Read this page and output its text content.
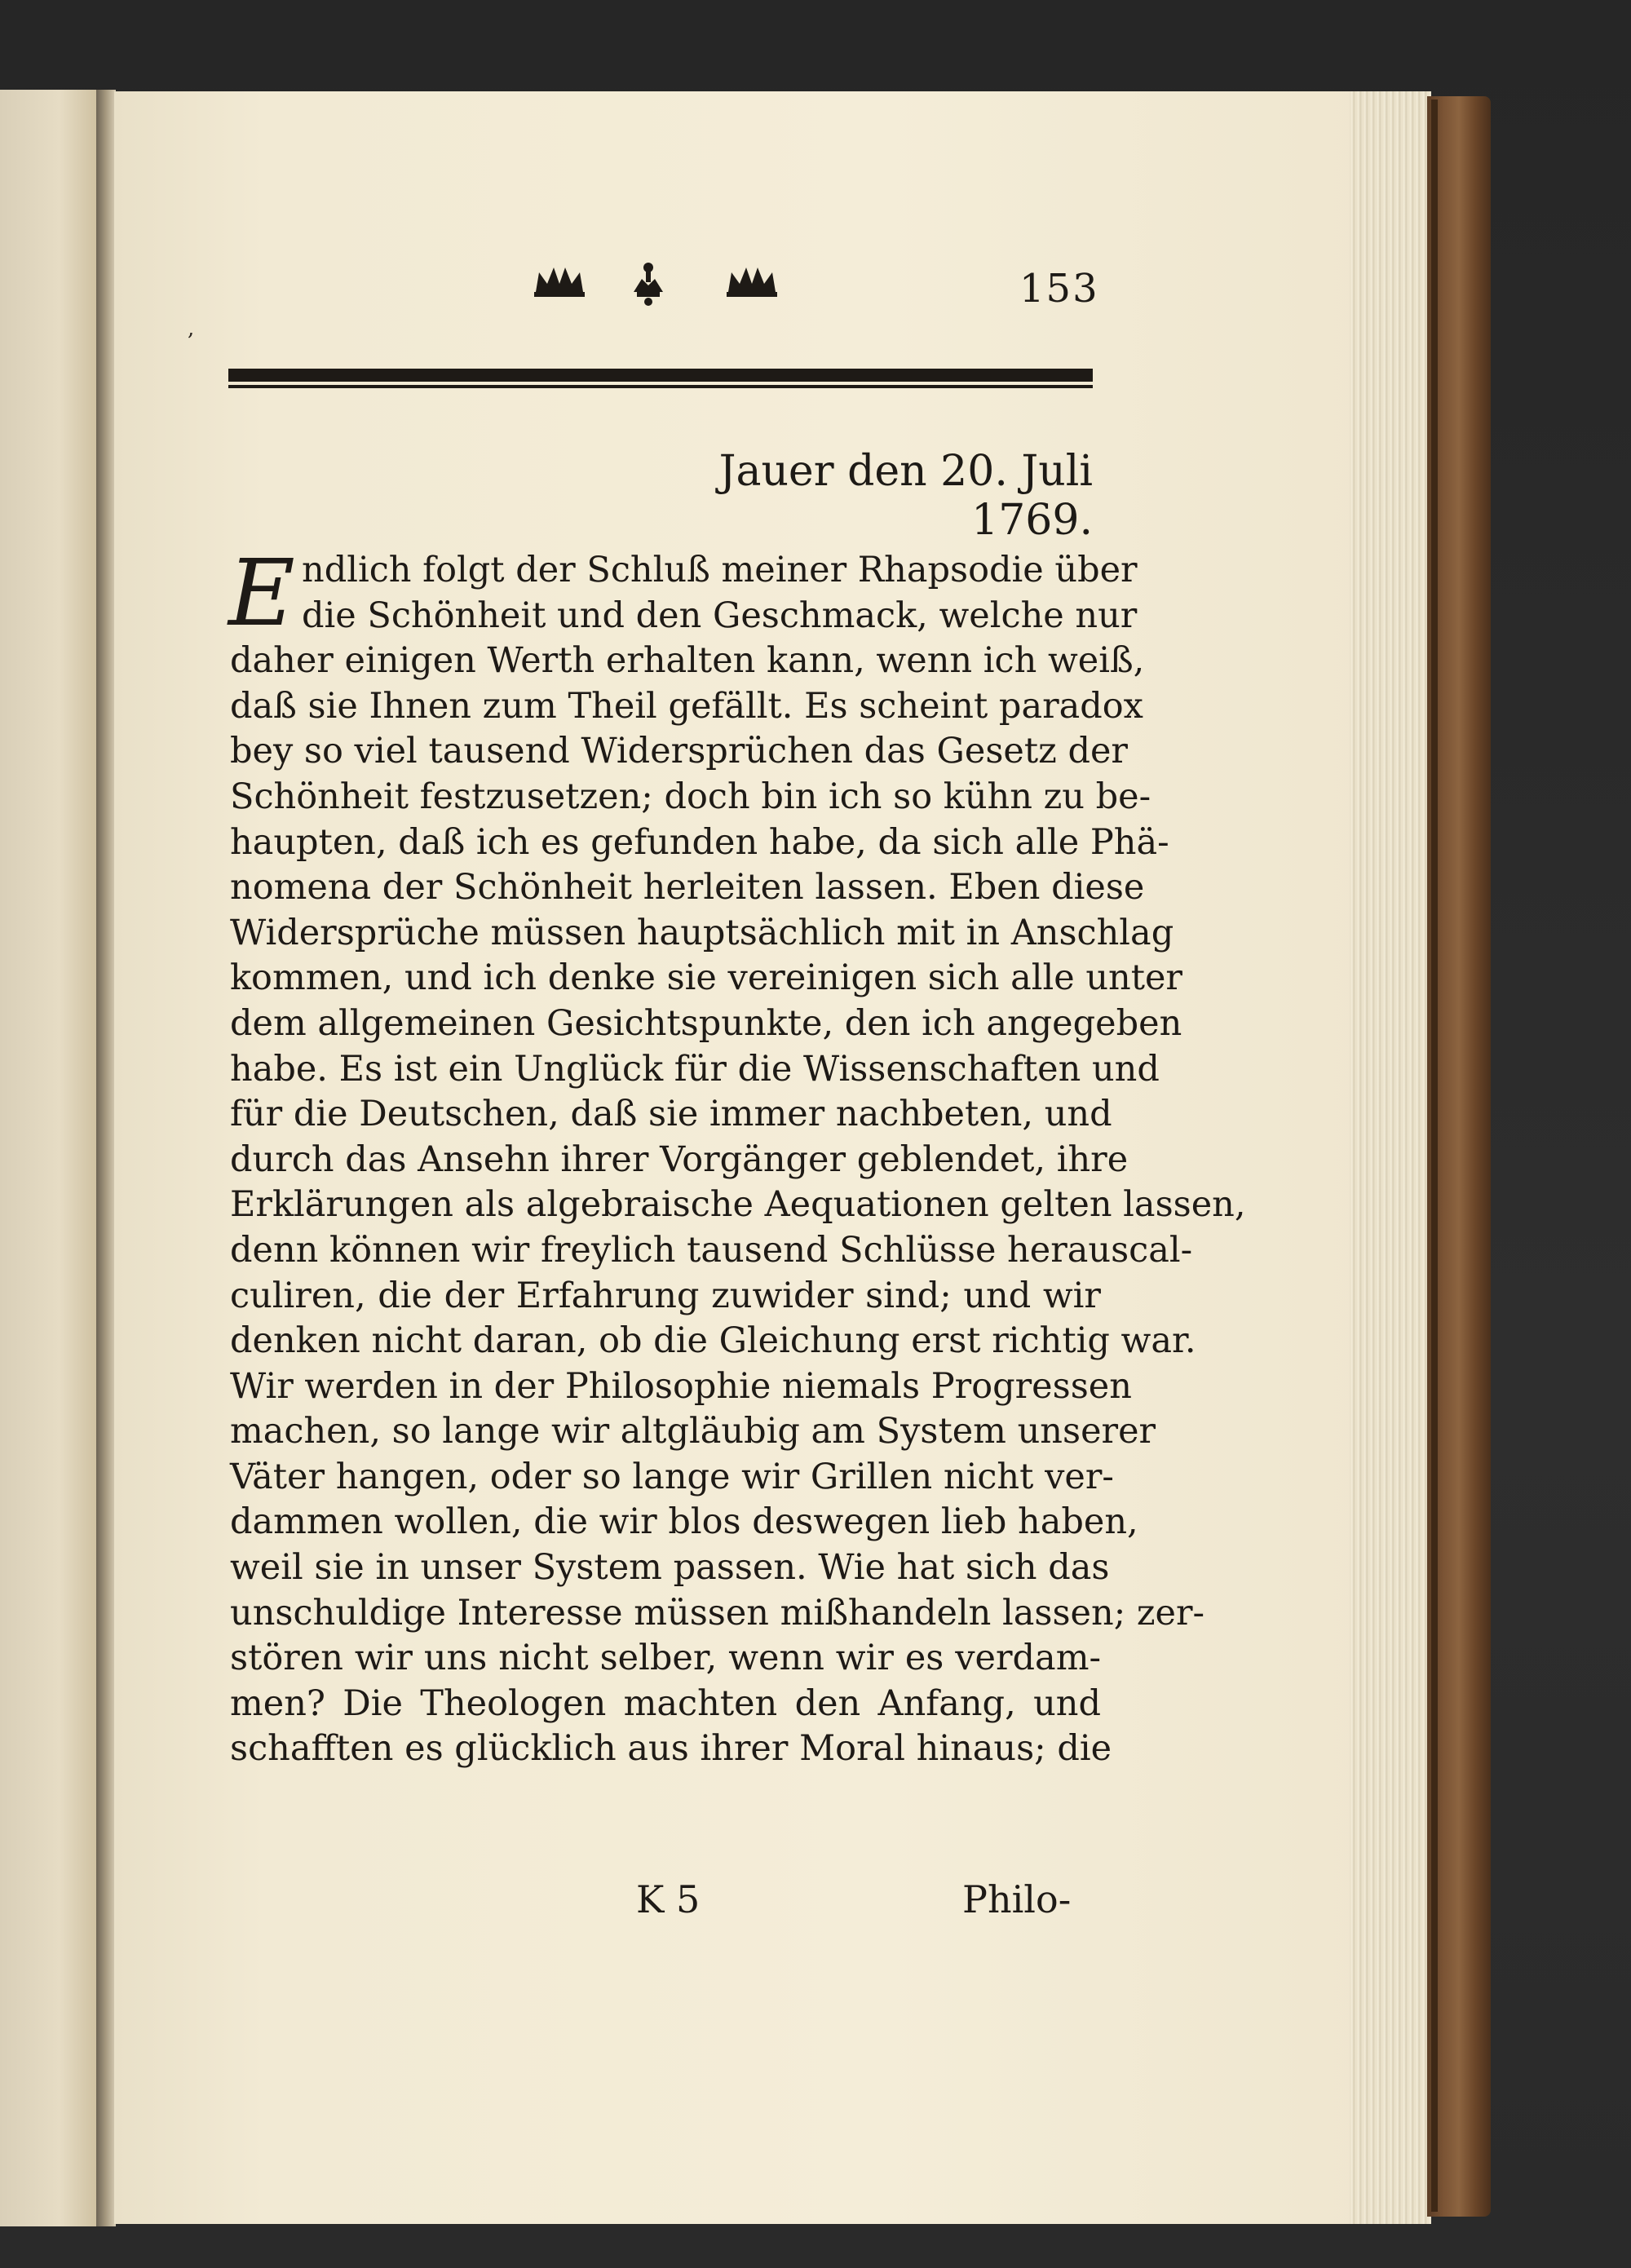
153
,
Jauer den 20. Juli 1769.
E ndlich folgt der Schluß meiner Rhapsodie über
die Schönheit und den Geschmack, welche nur
daher einigen Werth erhalten kann, wenn ich weiß,
daß sie Ihnen zum Theil gefällt. Es scheint paradox
bey so viel tausend Widersprüchen das Gesetz der
Schönheit festzusetzen; doch bin ich so kühn zu be-
haupten, daß ich es gefunden habe, da sich alle Phä-
nomena der Schönheit herleiten lassen. Eben diese
Widersprüche müssen hauptsächlich mit in Anschlag
kommen, und ich denke sie vereinigen sich alle unter
dem allgemeinen Gesichtspunkte, den ich angegeben
habe. Es ist ein Unglück für die Wissenschaften und
für die Deutschen, daß sie immer nachbeten, und
durch das Ansehn ihrer Vorgänger geblendet, ihre
Erklärungen als algebraische Aequationen gelten lassen,
denn können wir freylich tausend Schlüsse herauscal-
culiren, die der Erfahrung zuwider sind; und wir
denken nicht daran, ob die Gleichung erst richtig war.
Wir werden in der Philosophie niemals Progressen
machen, so lange wir altgläubig am System unserer
Väter hangen, oder so lange wir Grillen nicht ver-
dammen wollen, die wir blos deswegen lieb haben,
weil sie in unser System passen. Wie hat sich das
unschuldige Interesse müssen mißhandeln lassen; zer-
stören wir uns nicht selber, wenn wir es verdam-
men? Die Theologen machten den Anfang, und
schafften es glücklich aus ihrer Moral hinaus; die
K 5	Philo-
